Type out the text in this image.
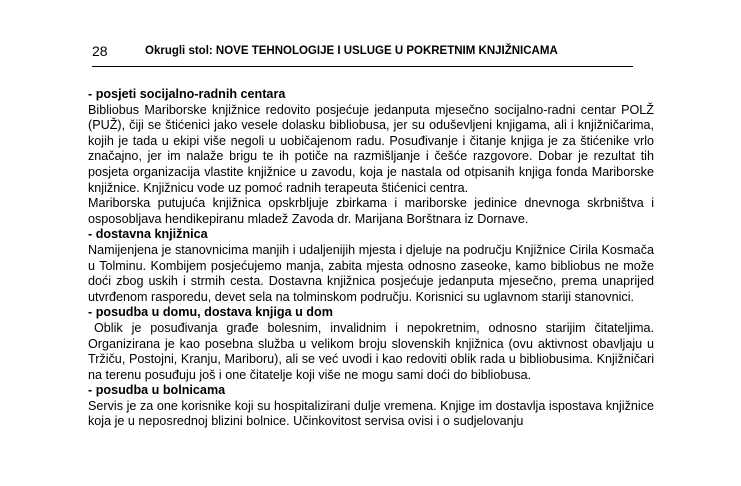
28	Okrugli stol: NOVE TEHNOLOGIJE I USLUGE U POKRETNIM KNJIŽNICAMA

- posjeti socijalno-radnih centara

Bibliobus Mariborske knjižnice redovito posjećuje jedanputa mjesečno socijalno-radni centar POLŽ (PUŽ), čiji se štićenici jako vesele dolasku bibliobusa, jer su oduševljeni knjigama, ali i knjižničarima, kojih je tada u ekipi više negoli u uobičajenom radu. Posuđivanje i čitanje knjiga je za štićenike vrlo značajno, jer im nalaže brigu te ih potiče na razmišljanje i češće razgovore. Dobar je rezultat tih posjeta organizacija vlastite knjižnice u zavodu, koja je nastala od otpisanih knjiga fonda Mariborske knjižnice. Knjižnicu vode uz pomoć radnih terapeuta štićenici centra.

Mariborska putujuća knjižnica opskrbljuje zbirkama i mariborske jedinice dnevnoga skrbništva i osposobljava hendikepiranu mladež Zavoda dr. Marijana Borštnara iz Dornave.

- dostavna knjižnica

Namijenjena je stanovnicima manjih i udaljenijih mjesta i djeluje na području Knjižnice Cirila Kosmača u Tolminu. Kombijem posjećujemo manja, zabita mjesta odnosno zaseoke, kamo bibliobus ne može doći zbog uskih i strmih cesta. Dostavna knjižnica posjećuje jedanputa mjesečno, prema unaprijed utvrđenom rasporedu, devet sela na tolminskom području. Korisnici su uglavnom stariji stanovnici.

- posudba u domu, dostava knjiga u dom

Oblik je posuđivanja građe bolesnim, invalidnim i nepokretnim, odnosno starijim čitateljima. Organizirana je kao posebna služba u velikom broju slovenskih knjižnica (ovu aktivnost obavljaju u Tržiču, Postojni, Kranju, Mariboru), ali se već uvodi i kao redoviti oblik rada u bibliobusima. Knjižničari na terenu posuđuju još i one čitatelje koji više ne mogu sami doći do bibliobusa.

- posudba u bolnicama

Servis je za one korisnike koji su hospitalizirani dulje vremena. Knjige im dostavlja ispostava knjižnice koja je u neposrednoj blizini bolnice. Učinkovitost servisa ovisi i o sudjelovanju
